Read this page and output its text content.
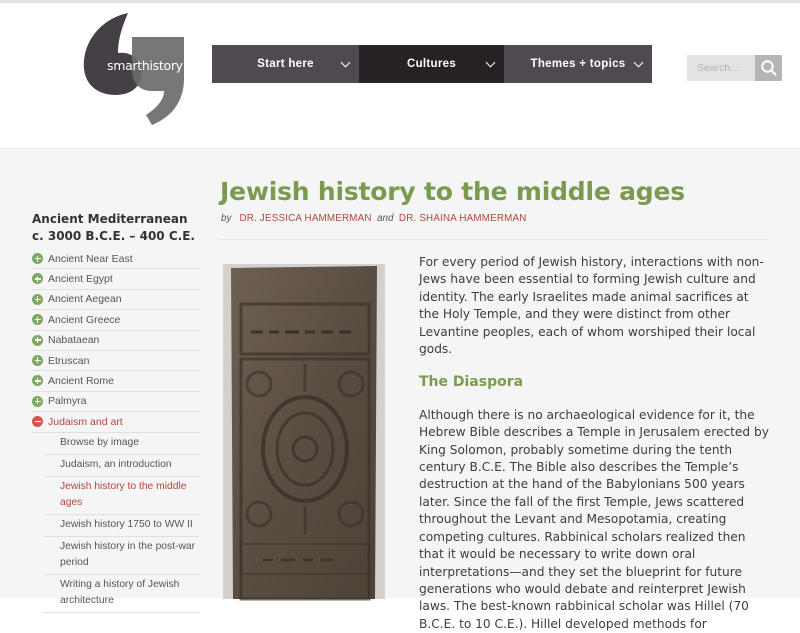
smarthistory	Start here	Cultures	Themes + topics
Search...
Ancient Mediterranean
c. 3000 B.C.E. – 400 C.E.
Ancient Near East
Ancient Egypt
Ancient Aegean
Ancient Greece
Nabataean
Etruscan
Ancient Rome
Palmyra
Judaism and art
Browse by image
Judaism, an introduction
Jewish history to the middle ages
Jewish history 1750 to WW II
Jewish history in the post-war period
Writing a history of Jewish architecture
Jewish history to the middle ages
by DR. JESSICA HAMMERMAN and DR. SHAINA HAMMERMAN

For every period of Jewish history, interactions with non-Jews have been essential to forming Jewish culture and identity. The early Israelites made animal sacrifices at the Holy Temple, and they were distinct from other Levantine peoples, each of whom worshiped their local gods.

The Diaspora

Although there is no archaeological evidence for it, the Hebrew Bible describes a Temple in Jerusalem erected by King Solomon, probably sometime during the tenth century B.C.E. The Bible also describes the Temple’s destruction at the hand of the Babylonians 500 years later. Since the fall of the first Temple, Jews scattered throughout the Levant and Mesopotamia, creating competing cultures. Rabbinical scholars realized then that it would be necessary to write down oral interpretations—and they set the blueprint for future generations who would debate and reinterpret Jewish laws. The best-known rabbinical scholar was Hillel (70 B.C.E. to 10 C.E.). Hillel developed methods for
